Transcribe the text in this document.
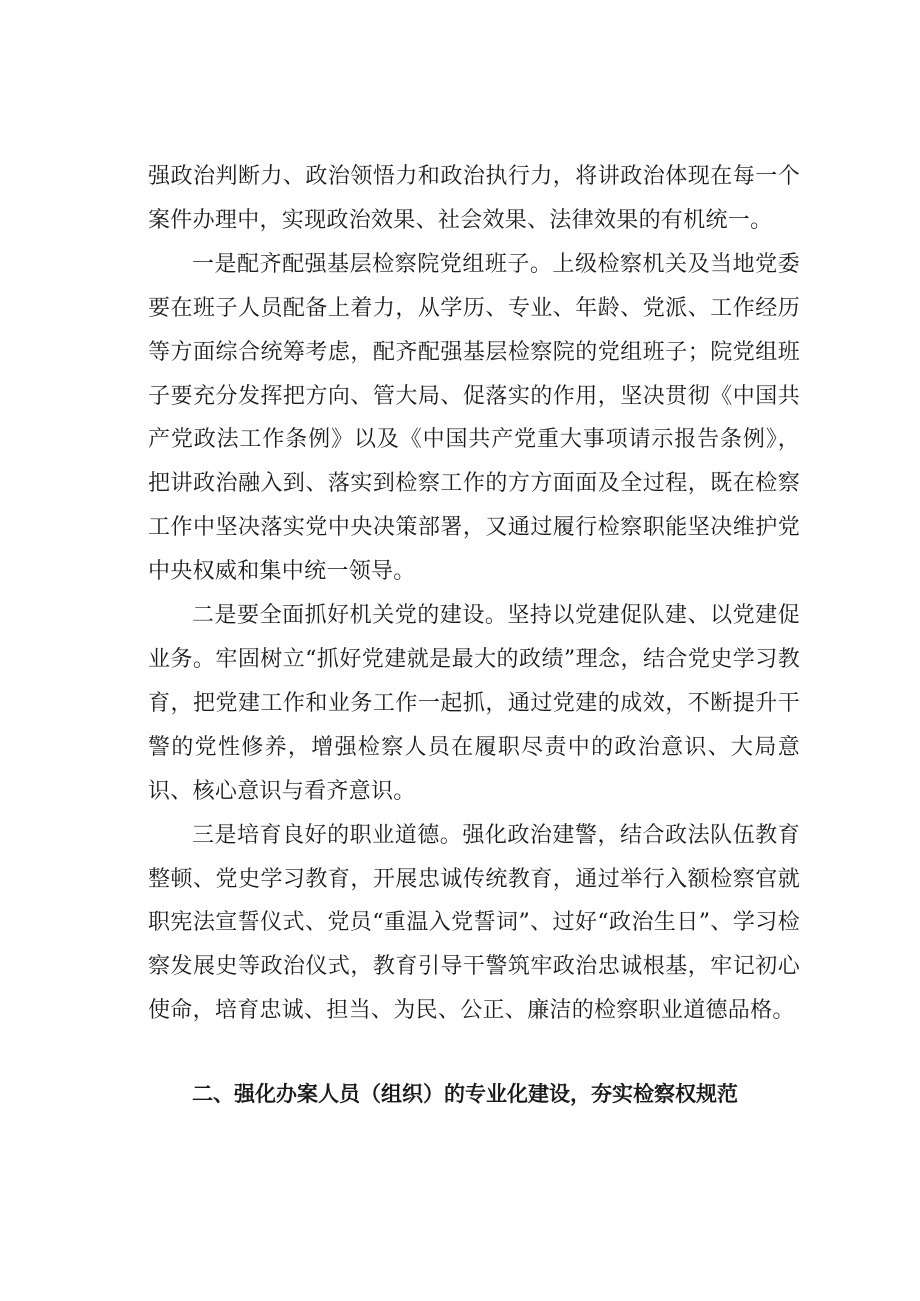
强政治判断力、政治领悟力和政治执行力，将讲政治体现在每一个案件办理中，实现政治效果、社会效果、法律效果的有机统一。

一是配齐配强基层检察院党组班子。上级检察机关及当地党委要在班子人员配备上着力，从学历、专业、年龄、党派、工作经历等方面综合统筹考虑，配齐配强基层检察院的党组班子；院党组班子要充分发挥把方向、管大局、促落实的作用，坚决贯彻《中国共产党政法工作条例》以及《中国共产党重大事项请示报告条例》，把讲政治融入到、落实到检察工作的方方面面及全过程，既在检察工作中坚决落实党中央决策部署，又通过履行检察职能坚决维护党中央权威和集中统一领导。

二是要全面抓好机关党的建设。坚持以党建促队建、以党建促业务。牢固树立“抓好党建就是最大的政绩”理念，结合党史学习教育，把党建工作和业务工作一起抓，通过党建的成效，不断提升干警的党性修养，增强检察人员在履职尽责中的政治意识、大局意识、核心意识与看齐意识。

三是培育良好的职业道德。强化政治建警，结合政法队伍教育整顿、党史学习教育，开展忠诚传统教育，通过举行入额检察官就职宪法宣誓仪式、党员“重温入党誓词”、过好“政治生日”、学习检察发展史等政治仪式，教育引导干警筑牢政治忠诚根基，牢记初心使命，培育忠诚、担当、为民、公正、廉洁的检察职业道德品格。

二、强化办案人员（组织）的专业化建设，夯实检察权规范
